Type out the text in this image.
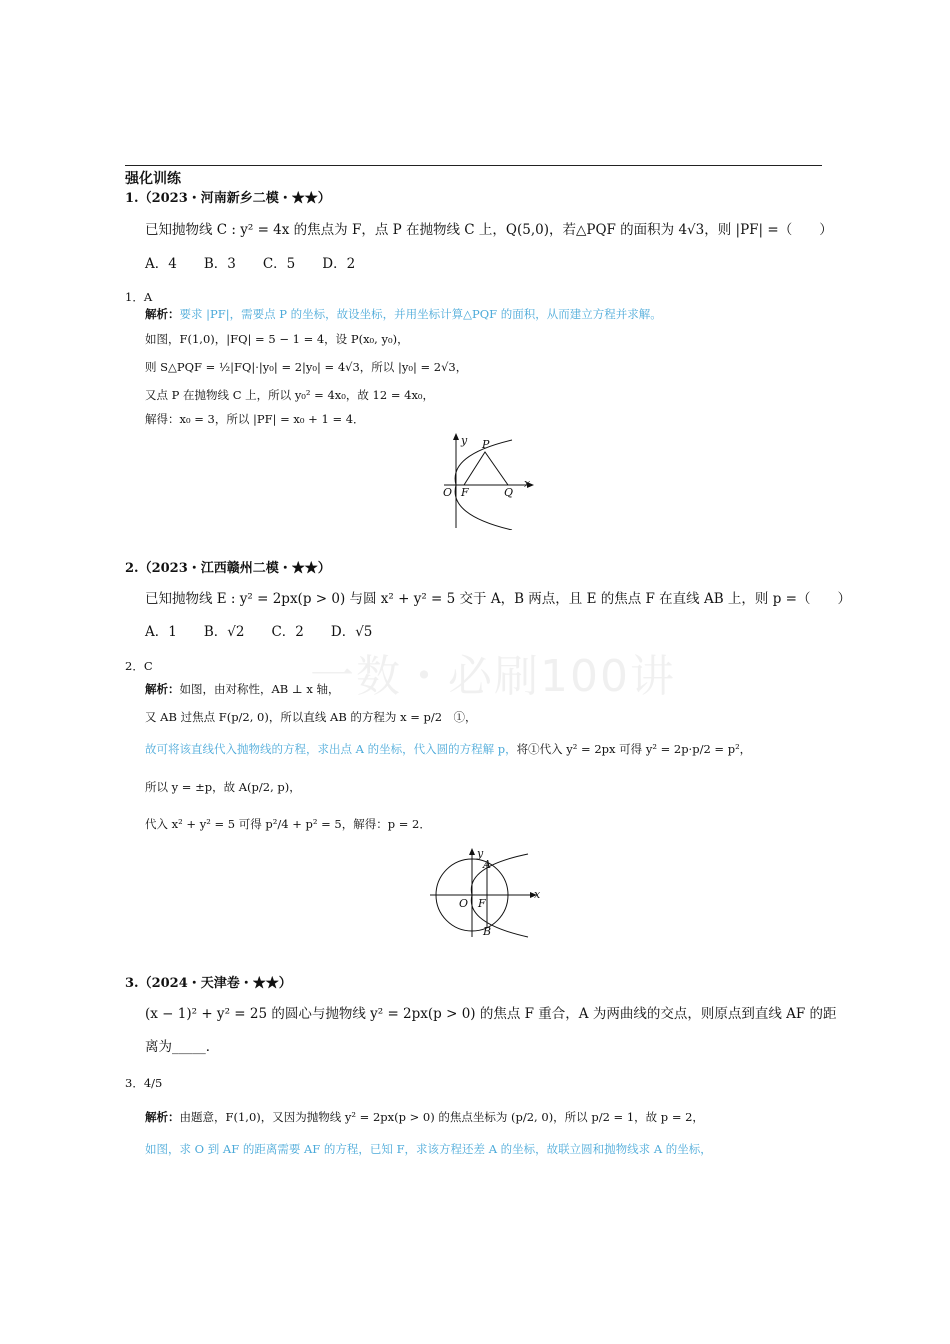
一数・必刷100讲
强化训练
1.（2023・河南新乡二模・★★）
已知抛物线 C : y² = 4x 的焦点为 F，点 P 在抛物线 C 上，Q(5,0)，若△PQF 的面积为 4√3，则 |PF| =（　　）
A．4　　B．3　　C．5　　D．2
1．A
解析：要求 |PF|，需要点 P 的坐标，故设坐标，并用坐标计算△PQF 的面积，从而建立方程并求解。
如图，F(1,0)，|FQ| = 5 − 1 = 4，设 P(x₀, y₀)，
则 S△PQF = ½|FQ|·|y₀| = 2|y₀| = 4√3，所以 |y₀| = 2√3，
又点 P 在抛物线 C 上，所以 y₀² = 4x₀，故 12 = 4x₀，
解得：x₀ = 3，所以 |PF| = x₀ + 1 = 4．
y
x
O F
P
Q
2.（2023・江西赣州二模・★★）
已知抛物线 E : y² = 2px(p > 0) 与圆 x² + y² = 5 交于 A，B 两点，且 E 的焦点 F 在直线 AB 上，则 p =（　　）
A．1　　B．√2　　C．2　　D．√5
2．C
解析：如图，由对称性，AB ⊥ x 轴，
又 AB 过焦点 F(p/2, 0)，所以直线 AB 的方程为 x = p/2　①，
故可将该直线代入抛物线的方程，求出点 A 的坐标，代入圆的方程解 p，将①代入 y² = 2px 可得 y² = 2p·p/2 = p²，
所以 y = ±p，故 A(p/2, p)，
代入 x² + y² = 5 可得 p²/4 + p² = 5，解得：p = 2．
y
x
O F
A
B
3.（2024・天津卷・★★）
(x − 1)² + y² = 25 的圆心与抛物线 y² = 2px(p > 0) 的焦点 F 重合，A 为两曲线的交点，则原点到直线 AF 的距
离为_____．
3．4/5
解析：由题意，F(1,0)，又因为抛物线 y² = 2px(p > 0) 的焦点坐标为 (p/2, 0)，所以 p/2 = 1，故 p = 2，
如图，求 O 到 AF 的距离需要 AF 的方程，已知 F，求该方程还差 A 的坐标，故联立圆和抛物线求 A 的坐标，
